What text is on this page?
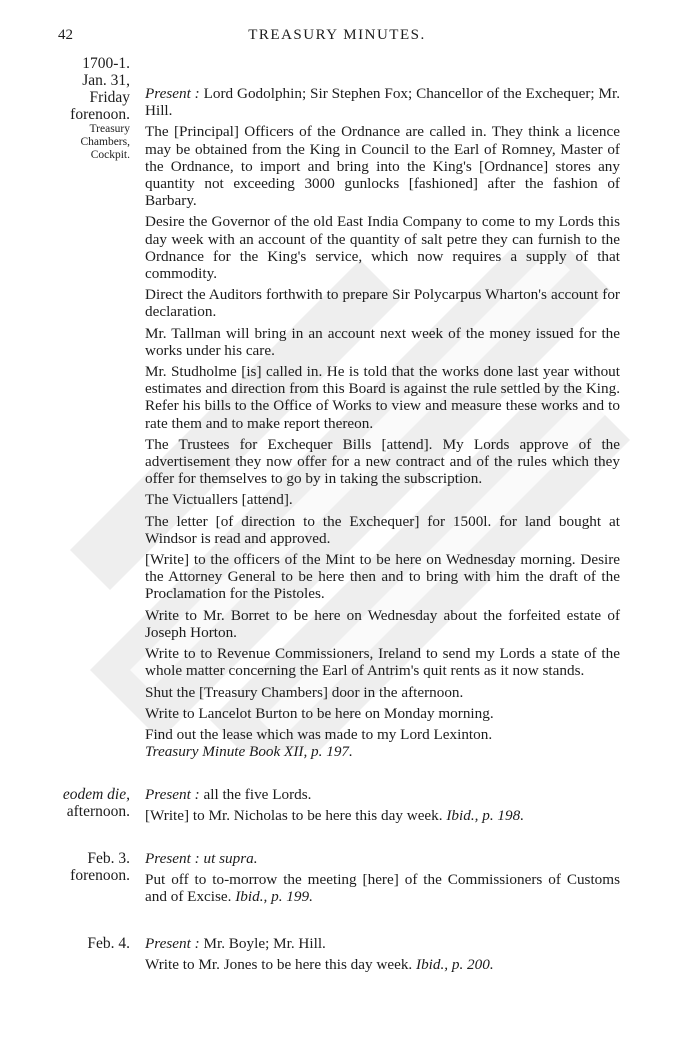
42	TREASURY MINUTES.
1700-1.
Jan. 31,
Friday
forenoon.
Treasury
Chambers,
Cockpit.

Present : Lord Godolphin; Sir Stephen Fox; Chancellor of the Exchequer; Mr. Hill.

The [Principal] Officers of the Ordnance are called in. They think a licence may be obtained from the King in Council to the Earl of Romney, Master of the Ordnance, to import and bring into the King's [Ordnance] stores any quantity not exceeding 3000 gunlocks [fashioned] after the fashion of Barbary.

Desire the Governor of the old East India Company to come to my Lords this day week with an account of the quantity of salt petre they can furnish to the Ordnance for the King's service, which now requires a supply of that commodity.

Direct the Auditors forthwith to prepare Sir Polycarpus Wharton's account for declaration.

Mr. Tallman will bring in an account next week of the money issued for the works under his care.

Mr. Studholme [is] called in. He is told that the works done last year without estimates and direction from this Board is against the rule settled by the King. Refer his bills to the Office of Works to view and measure these works and to rate them and to make report thereon.

The Trustees for Exchequer Bills [attend]. My Lords approve of the advertisement they now offer for a new contract and of the rules which they offer for themselves to go by in taking the subscription.

The Victuallers [attend].

The letter [of direction to the Exchequer] for 1500l. for land bought at Windsor is read and approved.

[Write] to the officers of the Mint to be here on Wednesday morning. Desire the Attorney General to be here then and to bring with him the draft of the Proclamation for the Pistoles.

Write to Mr. Borret to be here on Wednesday about the forfeited estate of Joseph Horton.

Write to to Revenue Commissioners, Ireland to send my Lords a state of the whole matter concerning the Earl of Antrim's quit rents as it now stands.

Shut the [Treasury Chambers] door in the afternoon.

Write to Lancelot Burton to be here on Monday morning.

Find out the lease which was made to my Lord Lexinton.
Treasury Minute Book XII, p. 197.

eodem die,
afternoon.

Present : all the five Lords.

[Write] to Mr. Nicholas to be here this day week. Ibid., p. 198.

Feb. 3.
forenoon.

Present : ut supra.

Put off to to-morrow the meeting [here] of the Commissioners of Customs and of Excise. Ibid., p. 199.

Feb. 4. Present : Mr. Boyle; Mr. Hill.

Write to Mr. Jones to be here this day week. Ibid., p. 200.
